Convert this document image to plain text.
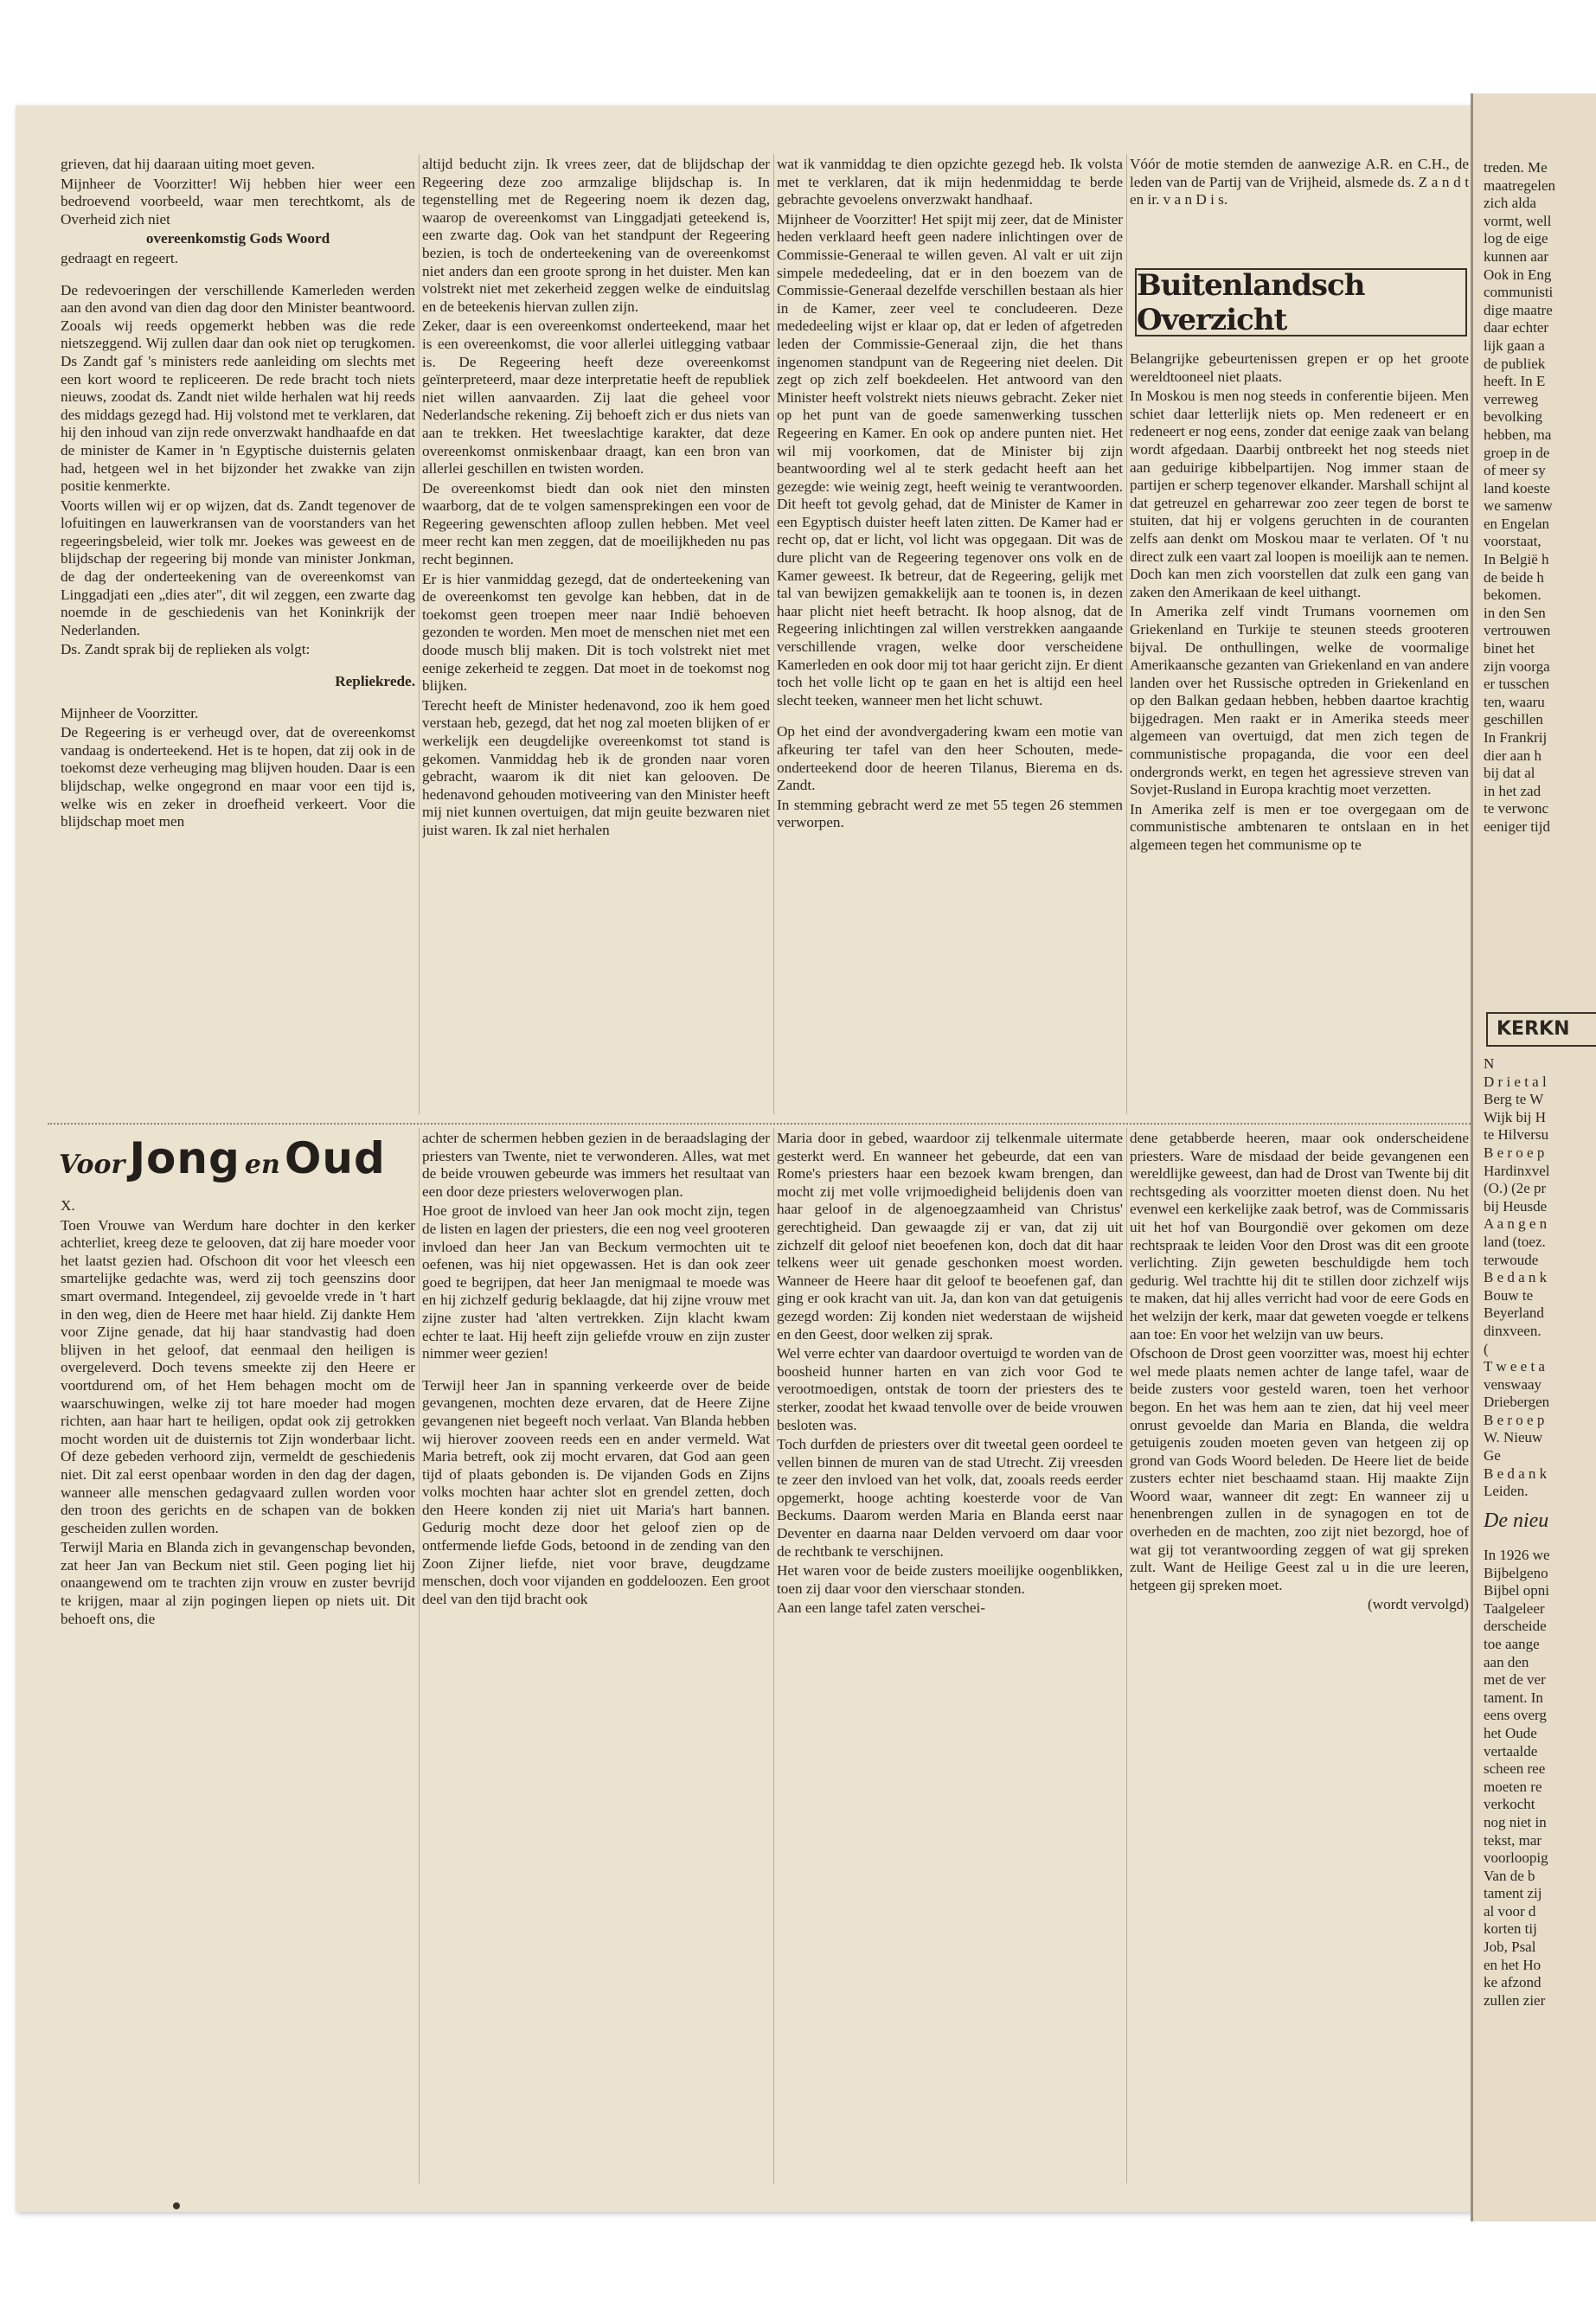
grieven, dat hij daaraan uiting moet geven.

Mijnheer de Voorzitter! Wij hebben hier weer een bedroevend voorbeeld, waar men terechtkomt, als de Overheid zich niet

overeenkomstig Gods Woord

gedraagt en regeert.

De redevoeringen der verschillende Kamerleden werden aan den avond van dien dag door den Minister beantwoord. Zooals wij reeds opgemerkt hebben was die rede nietszeggend. Wij zullen daar dan ook niet op terugkomen. Ds Zandt gaf 's ministers rede aanleiding om slechts met een kort woord te repliceeren. De rede bracht toch niets nieuws, zoodat ds. Zandt niet wilde herhalen wat hij reeds des middags gezegd had. Hij volstond met te verklaren, dat hij den inhoud van zijn rede onverzwakt handhaafde en dat de minister de Kamer in 'n Egyptische duisternis gelaten had, hetgeen wel in het bijzonder het zwakke van zijn positie kenmerkte.

Voorts willen wij er op wijzen, dat ds. Zandt tegenover de lofuitingen en lauwerkransen van de voorstanders van het regeeringsbeleid, wier tolk mr. Joekes was geweest en de blijdschap der regeering bij monde van minister Jonkman, de dag der onderteekening van de overeenkomst van Linggadjati een „dies ater", dit wil zeggen, een zwarte dag noemde in de geschiedenis van het Koninkrijk der Nederlanden.

Ds. Zandt sprak bij de replieken als volgt:

Repliekrede.

Mijnheer de Voorzitter.

De Regeering is er verheugd over, dat de overeenkomst vandaag is onderteekend. Het is te hopen, dat zij ook in de toekomst deze verheuging mag blijven houden. Daar is een blijdschap, welke ongegrond en maar voor een tijd is, welke wis en zeker in droefheid verkeert. Voor die blijdschap moet men

altijd beducht zijn. Ik vrees zeer, dat de blijdschap der Regeering deze zoo armzalige blijdschap is. In tegenstelling met de Regeering noem ik dezen dag, waarop de overeenkomst van Linggadjati geteekend is, een zwarte dag. Ook van het standpunt der Regeering bezien, is toch de onderteekening van de overeenkomst niet anders dan een groote sprong in het duister. Men kan volstrekt niet met zekerheid zeggen welke de einduitslag en de beteekenis hiervan zullen zijn.

Zeker, daar is een overeenkomst onderteekend, maar het is een overeenkomst, die voor allerlei uitlegging vatbaar is. De Regeering heeft deze overeenkomst geïnterpreteerd, maar deze interpretatie heeft de republiek niet willen aanvaarden. Zij laat die geheel voor Nederlandsche rekening. Zij behoeft zich er dus niets van aan te trekken. Het tweeslachtige karakter, dat deze overeenkomst onmiskenbaar draagt, kan een bron van allerlei geschillen en twisten worden.

De overeenkomst biedt dan ook niet den minsten waarborg, dat de te volgen samensprekingen een voor de Regeering gewenschten afloop zullen hebben. Met veel meer recht kan men zeggen, dat de moeilijkheden nu pas recht beginnen.

Er is hier vanmiddag gezegd, dat de onderteekening van de overeenkomst ten gevolge kan hebben, dat in de toekomst geen troepen meer naar Indië behoeven gezonden te worden. Men moet de menschen niet met een doode musch blij maken. Dit is toch volstrekt niet met eenige zekerheid te zeggen. Dat moet in de toekomst nog blijken.

Terecht heeft de Minister hedenavond, zoo ik hem goed verstaan heb, gezegd, dat het nog zal moeten blijken of er werkelijk een deugdelijke overeenkomst tot stand is gekomen. Vanmiddag heb ik de gronden naar voren gebracht, waarom ik dit niet kan gelooven. De hedenavond gehouden motiveering van den Minister heeft mij niet kunnen overtuigen, dat mijn geuite bezwaren niet juist waren. Ik zal niet herhalen

wat ik vanmiddag te dien opzichte gezegd heb. Ik volsta met te verklaren, dat ik mijn hedenmiddag te berde gebrachte gevoelens onverzwakt handhaaf.

Mijnheer de Voorzitter! Het spijt mij zeer, dat de Minister heden verklaard heeft geen nadere inlichtingen over de Commissie-Generaal te willen geven. Al valt er uit zijn simpele mededeeling, dat er in den boezem van de Commissie-Generaal dezelfde verschillen bestaan als hier in de Kamer, zeer veel te concludeeren. Deze mededeeling wijst er klaar op, dat er leden of afgetreden leden der Commissie-Generaal zijn, die het thans ingenomen standpunt van de Regeering niet deelen. Dit zegt op zich zelf boekdeelen. Het antwoord van den Minister heeft volstrekt niets nieuws gebracht. Zeker niet op het punt van de goede samenwerking tusschen Regeering en Kamer. En ook op andere punten niet. Het wil mij voorkomen, dat de Minister bij zijn beantwoording wel al te sterk gedacht heeft aan het gezegde: wie weinig zegt, heeft weinig te verantwoorden. Dit heeft tot gevolg gehad, dat de Minister de Kamer in een Egyptisch duister heeft laten zitten. De Kamer had er recht op, dat er licht, vol licht was opgegaan. Dit was de dure plicht van de Regeering tegenover ons volk en de Kamer geweest. Ik betreur, dat de Regeering, gelijk met tal van bewijzen gemakkelijk aan te toonen is, in dezen haar plicht niet heeft betracht. Ik hoop alsnog, dat de Regeering inlichtingen zal willen verstrekken aangaande verschillende vragen, welke door verscheidene Kamerleden en ook door mij tot haar gericht zijn. Er dient toch het volle licht op te gaan en het is altijd een heel slecht teeken, wanneer men het licht schuwt.

Op het eind der avondvergadering kwam een motie van afkeuring ter tafel van den heer Schouten, mede-onderteekend door de heeren Tilanus, Bierema en ds. Zandt.

In stemming gebracht werd ze met 55 tegen 26 stemmen verworpen.

Vóór de motie stemden de aanwezige A.R. en C.H., de leden van de Partij van de Vrijheid, alsmede ds. Z a n d t en ir. v a n D i s.

Buitenlandsch Overzicht

Belangrijke gebeurtenissen grepen er op het groote wereldtooneel niet plaats.

In Moskou is men nog steeds in conferentie bijeen. Men schiet daar letterlijk niets op. Men redeneert er en redeneert er nog eens, zonder dat eenige zaak van belang wordt afgedaan. Daarbij ontbreekt het nog steeds niet aan geduirige kibbelpartijen. Nog immer staan de partijen er scherp tegenover elkander. Marshall schijnt al dat getreuzel en geharrewar zoo zeer tegen de borst te stuiten, dat hij er volgens geruchten in de couranten zelfs aan denkt om Moskou maar te verlaten. Of 't nu direct zulk een vaart zal loopen is moeilijk aan te nemen. Doch kan men zich voorstellen dat zulk een gang van zaken den Amerikaan de keel uithangt.

In Amerika zelf vindt Trumans voornemen om Griekenland en Turkije te steunen steeds grooteren bijval. De onthullingen, welke de voormalige Amerikaansche gezanten van Griekenland en van andere landen over het Russische optreden in Griekenland en op den Balkan gedaan hebben, hebben daartoe krachtig bijgedragen. Men raakt er in Amerika steeds meer algemeen van overtuigd, dat men zich tegen de communistische propaganda, die voor een deel ondergronds werkt, en tegen het agressieve streven van Sovjet-Rusland in Europa krachtig moet verzetten.

In Amerika zelf is men er toe overgegaan om de communistische ambtenaren te ontslaan en in het algemeen tegen het communisme op te

Voor Jong en Oud

X.

Toen Vrouwe van Werdum hare dochter in den kerker achterliet, kreeg deze te gelooven, dat zij hare moeder voor het laatst gezien had. Ofschoon dit voor het vleesch een smartelijke gedachte was, werd zij toch geenszins door smart overmand. Integendeel, zij gevoelde vrede in 't hart in den weg, dien de Heere met haar hield. Zij dankte Hem voor Zijne genade, dat hij haar standvastig had doen blijven in het geloof, dat eenmaal den heiligen is overgeleverd. Doch tevens smeekte zij den Heere er voortdurend om, of het Hem behagen mocht om de waarschuwingen, welke zij tot hare moeder had mogen richten, aan haar hart te heiligen, opdat ook zij getrokken mocht worden uit de duisternis tot Zijn wonderbaar licht. Of deze gebeden verhoord zijn, vermeldt de geschiedenis niet. Dit zal eerst openbaar worden in den dag der dagen, wanneer alle menschen gedagvaard zullen worden voor den troon des gerichts en de schapen van de bokken gescheiden zullen worden.

Terwijl Maria en Blanda zich in gevangenschap bevonden, zat heer Jan van Beckum niet stil. Geen poging liet hij onaangewend om te trachten zijn vrouw en zuster bevrijd te krijgen, maar al zijn pogingen liepen op niets uit. Dit behoeft ons, die

achter de schermen hebben gezien in de beraadslaging der priesters van Twente, niet te verwonderen. Alles, wat met de beide vrouwen gebeurde was immers het resultaat van een door deze priesters weloverwogen plan.

Hoe groot de invloed van heer Jan ook mocht zijn, tegen de listen en lagen der priesters, die een nog veel grooteren invloed dan heer Jan van Beckum vermochten uit te oefenen, was hij niet opgewassen. Het is dan ook zeer goed te begrijpen, dat heer Jan menigmaal te moede was en hij zichzelf gedurig beklaagde, dat hij zijne vrouw met zijne zuster had 'alten vertrekken. Zijn klacht kwam echter te laat. Hij heeft zijn geliefde vrouw en zijn zuster nimmer weer gezien!

Terwijl heer Jan in spanning verkeerde over de beide gevangenen, mochten deze ervaren, dat de Heere Zijne gevangenen niet begeeft noch verlaat. Van Blanda hebben wij hierover zooveen reeds een en ander vermeld. Wat Maria betreft, ook zij mocht ervaren, dat God aan geen tijd of plaats gebonden is. De vijanden Gods en Zijns volks mochten haar achter slot en grendel zetten, doch den Heere konden zij niet uit Maria's hart bannen. Gedurig mocht deze door het geloof zien op de ontfermende liefde Gods, betoond in de zending van den Zoon Zijner liefde, niet voor brave, deugdzame menschen, doch voor vijanden en goddeloozen. Een groot deel van den tijd bracht ook

Maria door in gebed, waardoor zij telkenmale uitermate gesterkt werd. En wanneer het gebeurde, dat een van Rome's priesters haar een bezoek kwam brengen, dan mocht zij met volle vrijmoedigheid belijdenis doen van haar geloof in de algenoegzaamheid van Christus' gerechtigheid. Dan gewaagde zij er van, dat zij uit zichzelf dit geloof niet beoefenen kon, doch dat dit haar telkens weer uit genade geschonken moest worden. Wanneer de Heere haar dit geloof te beoefenen gaf, dan ging er ook kracht van uit. Ja, dan kon van dat getuigenis gezegd worden: Zij konden niet wederstaan de wijsheid en den Geest, door welken zij sprak.

Wel verre echter van daardoor overtuigd te worden van de boosheid hunner harten en van zich voor God te verootmoedigen, ontstak de toorn der priesters des te sterker, zoodat het kwaad tenvolle over de beide vrouwen besloten was.

Toch durfden de priesters over dit tweetal geen oordeel te vellen binnen de muren van de stad Utrecht. Zij vreesden te zeer den invloed van het volk, dat, zooals reeds eerder opgemerkt, hooge achting koesterde voor de Van Beckums. Daarom werden Maria en Blanda eerst naar Deventer en daarna naar Delden vervoerd om daar voor de rechtbank te verschijnen.

Het waren voor de beide zusters moeilijke oogenblikken, toen zij daar voor den vierschaar stonden.

Aan een lange tafel zaten verschei-

dene getabberde heeren, maar ook onderscheidene priesters. Ware de misdaad der beide gevangenen een wereldlijke geweest, dan had de Drost van Twente bij dit rechtsgeding als voorzitter moeten dienst doen. Nu het evenwel een kerkelijke zaak betrof, was de Commissaris uit het hof van Bourgondië over gekomen om deze rechtspraak te leiden Voor den Drost was dit een groote verlichting. Zijn geweten beschuldigde hem toch gedurig. Wel trachtte hij dit te stillen door zichzelf wijs te maken, dat hij alles verricht had voor de eere Gods en het welzijn der kerk, maar dat geweten voegde er telkens aan toe: En voor het welzijn van uw beurs.

Ofschoon de Drost geen voorzitter was, moest hij echter wel mede plaats nemen achter de lange tafel, waar de beide zusters voor gesteld waren, toen het verhoor begon. En het was hem aan te zien, dat hij veel meer onrust gevoelde dan Maria en Blanda, die weldra getuigenis zouden moeten geven van hetgeen zij op grond van Gods Woord beleden. De Heere liet de beide zusters echter niet beschaamd staan. Hij maakte Zijn Woord waar, wanneer dit zegt: En wanneer zij u henenbrengen zullen in de synagogen en tot de overheden en de machten, zoo zijt niet bezorgd, hoe of wat gij tot verantwoording zeggen of wat gij spreken zult. Want de Heilige Geest zal u in die ure leeren, hetgeen gij spreken moet.

(wordt vervolgd)

treden. Me
maatregelen
zich alda
vormt, well
log de eige
kunnen aar
Ook in Eng
communisti
dige maatre
daar echter
lijk gaan a
de publiek
heeft. In E
verreweg
bevolking
hebben, ma
groep in de
of meer sy
land koeste
we samenw
en Engelan
voorstaat,
In België h
de beide h
bekomen.
in den Sen
vertrouwen
binet het
zijn voorga
er tusschen
ten, waaru
geschillen
In Frankrij
dier aan h
bij dat al
in het zad
te verwonc
eeniger tijd
KERKN
N
D r i e t a l
Berg te W
Wijk bij H
te Hilversu
B e r o e p
Hardinxvel
(O.) (2e pr
bij Heusde
A a n g e n
land (toez.
terwoude
B e d a n k
Bouw te
Beyerland
dinxveen.
(
T w e e t a
venswaay
Driebergen
B e r o e p
W. Nieuw
Ge
B e d a n k
Leiden.
De nieu
In 1926 we
Bijbelgeno
Bijbel opni
Taalgeleer
derscheide
toe aange
aan den
met de ver
tament. In
eens overg
het Oude
vertaalde
scheen ree
moeten re
verkocht
nog niet in
tekst, mar
voorloopig
Van de b
tament zij
al voor d
korten tij
Job, Psal
en het Ho
ke afzond
zullen zier
